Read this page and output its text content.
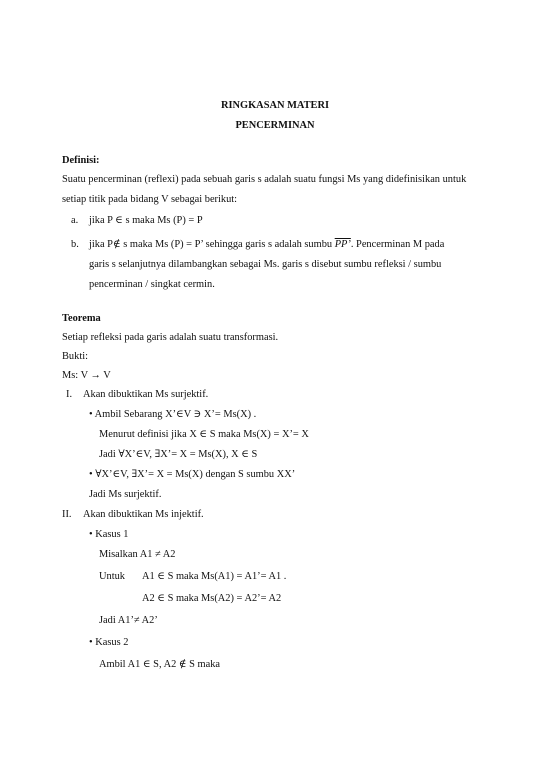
RINGKASAN MATERI
PENCERMINAN
Definisi:
Suatu pencerminan (reflexi) pada sebuah garis s adalah suatu fungsi Ms yang didefinisikan untuk
setiap titik pada bidang V sebagai berikut:
a. jika P ∈ s maka Ms (P) = P
b. jika P∉ s maka Ms (P) = P’ sehingga garis s adalah sumbu PP’. Pencerminan M pada
garis s selanjutnya dilambangkan sebagai Ms. garis s disebut sumbu refleksi / sumbu
pencerminan / singkat cermin.
Teorema
Setiap refleksi pada garis adalah suatu transformasi.
Bukti:
Ms: V → V
I. Akan dibuktikan Ms surjektif.
• Ambil Sebarang X’∈V ∋ X’= Ms(X) .
Menurut definisi jika X ∈ S maka Ms(X) = X’= X
Jadi ∀X’∈V, ∃X’= X = Ms(X), X ∈ S
• ∀X’∈V, ∃X’= X = Ms(X) dengan S sumbu XX’
Jadi Ms surjektif.
II. Akan dibuktikan Ms injektif.
• Kasus 1
Misalkan A1 ≠ A2
Untuk A1 ∈ S maka Ms(A1) = A1’= A1 .
A2 ∈ S maka Ms(A2) = A2’= A2
Jadi A1’≠ A2’
• Kasus 2
Ambil A1 ∈ S, A2 ∉ S maka
